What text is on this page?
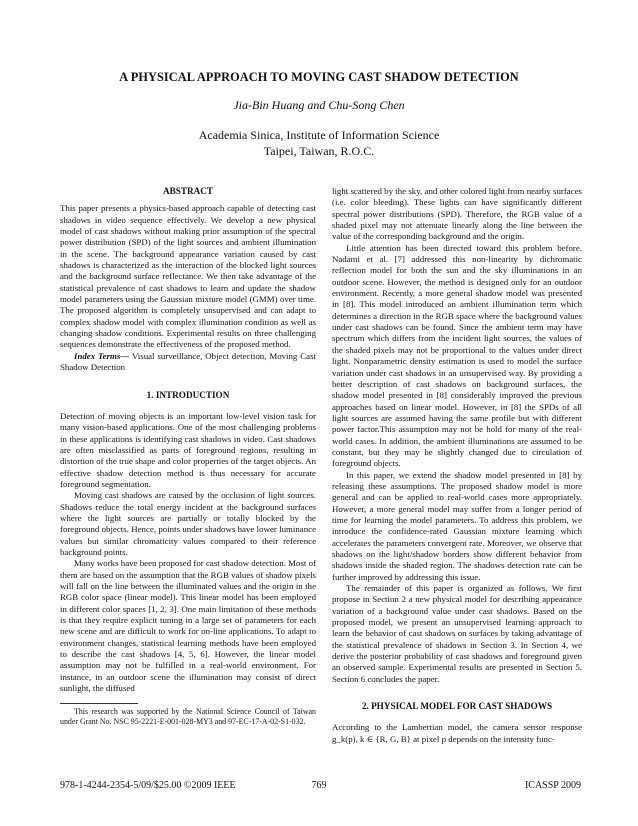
A PHYSICAL APPROACH TO MOVING CAST SHADOW DETECTION
Jia-Bin Huang and Chu-Song Chen
Academia Sinica, Institute of Information Science
Taipei, Taiwan, R.O.C.

ABSTRACT

This paper presents a physics-based approach capable of detecting cast shadows in video sequence effectively. We develop a new physical model of cast shadows without making prior assumption of the spectral power distribution (SPD) of the light sources and ambient illumination in the scene. The background appearance variation caused by cast shadows is characterized as the interaction of the blocked light sources and the background surface reflectance. We then take advantage of the statistical prevalence of cast shadows to learn and update the shadow model parameters using the Gaussian mixture model (GMM) over time. The proposed algorithm is completely unsupervised and can adapt to complex shadow model with complex illumination condition as well as changing shadow conditions. Experimental results on three challenging sequences demonstrate the effectiveness of the proposed method.

Index Terms— Visual surveillance, Object detection, Moving Cast Shadow Detection

1. INTRODUCTION

Detection of moving objects is an important low-level vision task for many vision-based applications. One of the most challenging problems in these applications is identifying cast shadows in video. Cast shadows are often misclassified as parts of foreground regions, resulting in distortion of the true shape and color properties of the target objects. An effective shadow detection method is thus necessary for accurate foreground segmentation.

Moving cast shadows are caused by the occlusion of light sources. Shadows reduce the total energy incident at the background surfaces where the light sources are partially or totally blocked by the foreground objects. Hence, points under shadows have lower luminance values but similar chromaticity values compared to their reference background points.

Many works have been proposed for cast shadow detection. Most of them are based on the assumption that the RGB values of shadow pixels will fall on the line between the illuminated values and the origin in the RGB color space (linear model). This linear model has been employed in different color spaces [1, 2, 3]. One main limitation of these methods is that they require explicit tuning in a large set of parameters for each new scene and are difficult to work for on-line applications. To adapt to environment changes, statistical learning methods have been employed to describe the cast shadows [4, 5, 6]. However, the linear model assumption may not be fulfilled in a real-world environment. For instance, in an outdoor scene the illumination may consist of direct sunlight, the diffused

This research was supported by the National Science Council of Taiwan under Grant No. NSC 95-2221-E-001-028-MY3 and 97-EC-17-A-02-S1-032.

light scattered by the sky, and other colored light from nearby surfaces (i.e. color bleeding). These lights can have significantly different spectral power distributions (SPD). Therefore, the RGB value of a shaded pixel may not attenuate linearly along the line between the value of the corresponding background and the origin.

Little attention has been directed toward this problem before. Nadami et al. [7] addressed this non-linearity by dichromatic reflection model for both the sun and the sky illuminations in an outdoor scene. However, the method is designed only for an outdoor environment. Recently, a more general shadow model was presented in [8]. This model introduced an ambient illumination term which determines a direction in the RGB space where the background values under cast shadows can be found. Since the ambient term may have spectrum which differs from the incident light sources, the values of the shaded pixels may not be proportional to the values under direct light. Nonparametric density estimation is used to model the surface variation under cast shadows in an unsupervised way. By providing a better description of cast shadows on background surfaces, the shadow model presented in [8] considerably improved the previous approaches based on linear model. However, in [8] the SPDs of all light sources are assumed having the same profile but with different power factor.This assumption may not be hold for many of the real-world cases. In addition, the ambient illuminations are assumed to be constant, but they may be slightly changed due to circulation of foreground objects.

In this paper, we extend the shadow model presented in [8] by releasing these assumptions. The proposed shadow model is more general and can be applied to real-world cases more appropriately. However, a more general model may suffer from a longer period of time for learning the model parameters. To address this problem, we introduce the confidence-rated Gaussian mixture learning which accelerates the parameters convergent rate. Moreover, we observe that shadows on the light/shadow borders show different behavior from shadows inside the shaded region. The shadows detection rate can be further improved by addressing this issue.

The remainder of this paper is organized as follows. We first propose in Section 2 a new physical model for describing appearance variation of a background value under cast shadows. Based on the proposed model, we present an unsupervised learning approach to learn the behavior of cast shadows on surfaces by taking advantage of the statistical prevalence of shadows in Section 3. In Section 4, we derive the posterior probability of cast shadows and foreground given an observed sample. Experimental results are presented in Section 5. Section 6 concludes the paper.

2. PHYSICAL MODEL FOR CAST SHADOWS

According to the Lambertian model, the camera sensor response g_k(p), k ∈ {R, G, B} at pixel p depends on the intensity func-

978-1-4244-2354-5/09/$25.00 ©2009 IEEE	769	ICASSP 2009
